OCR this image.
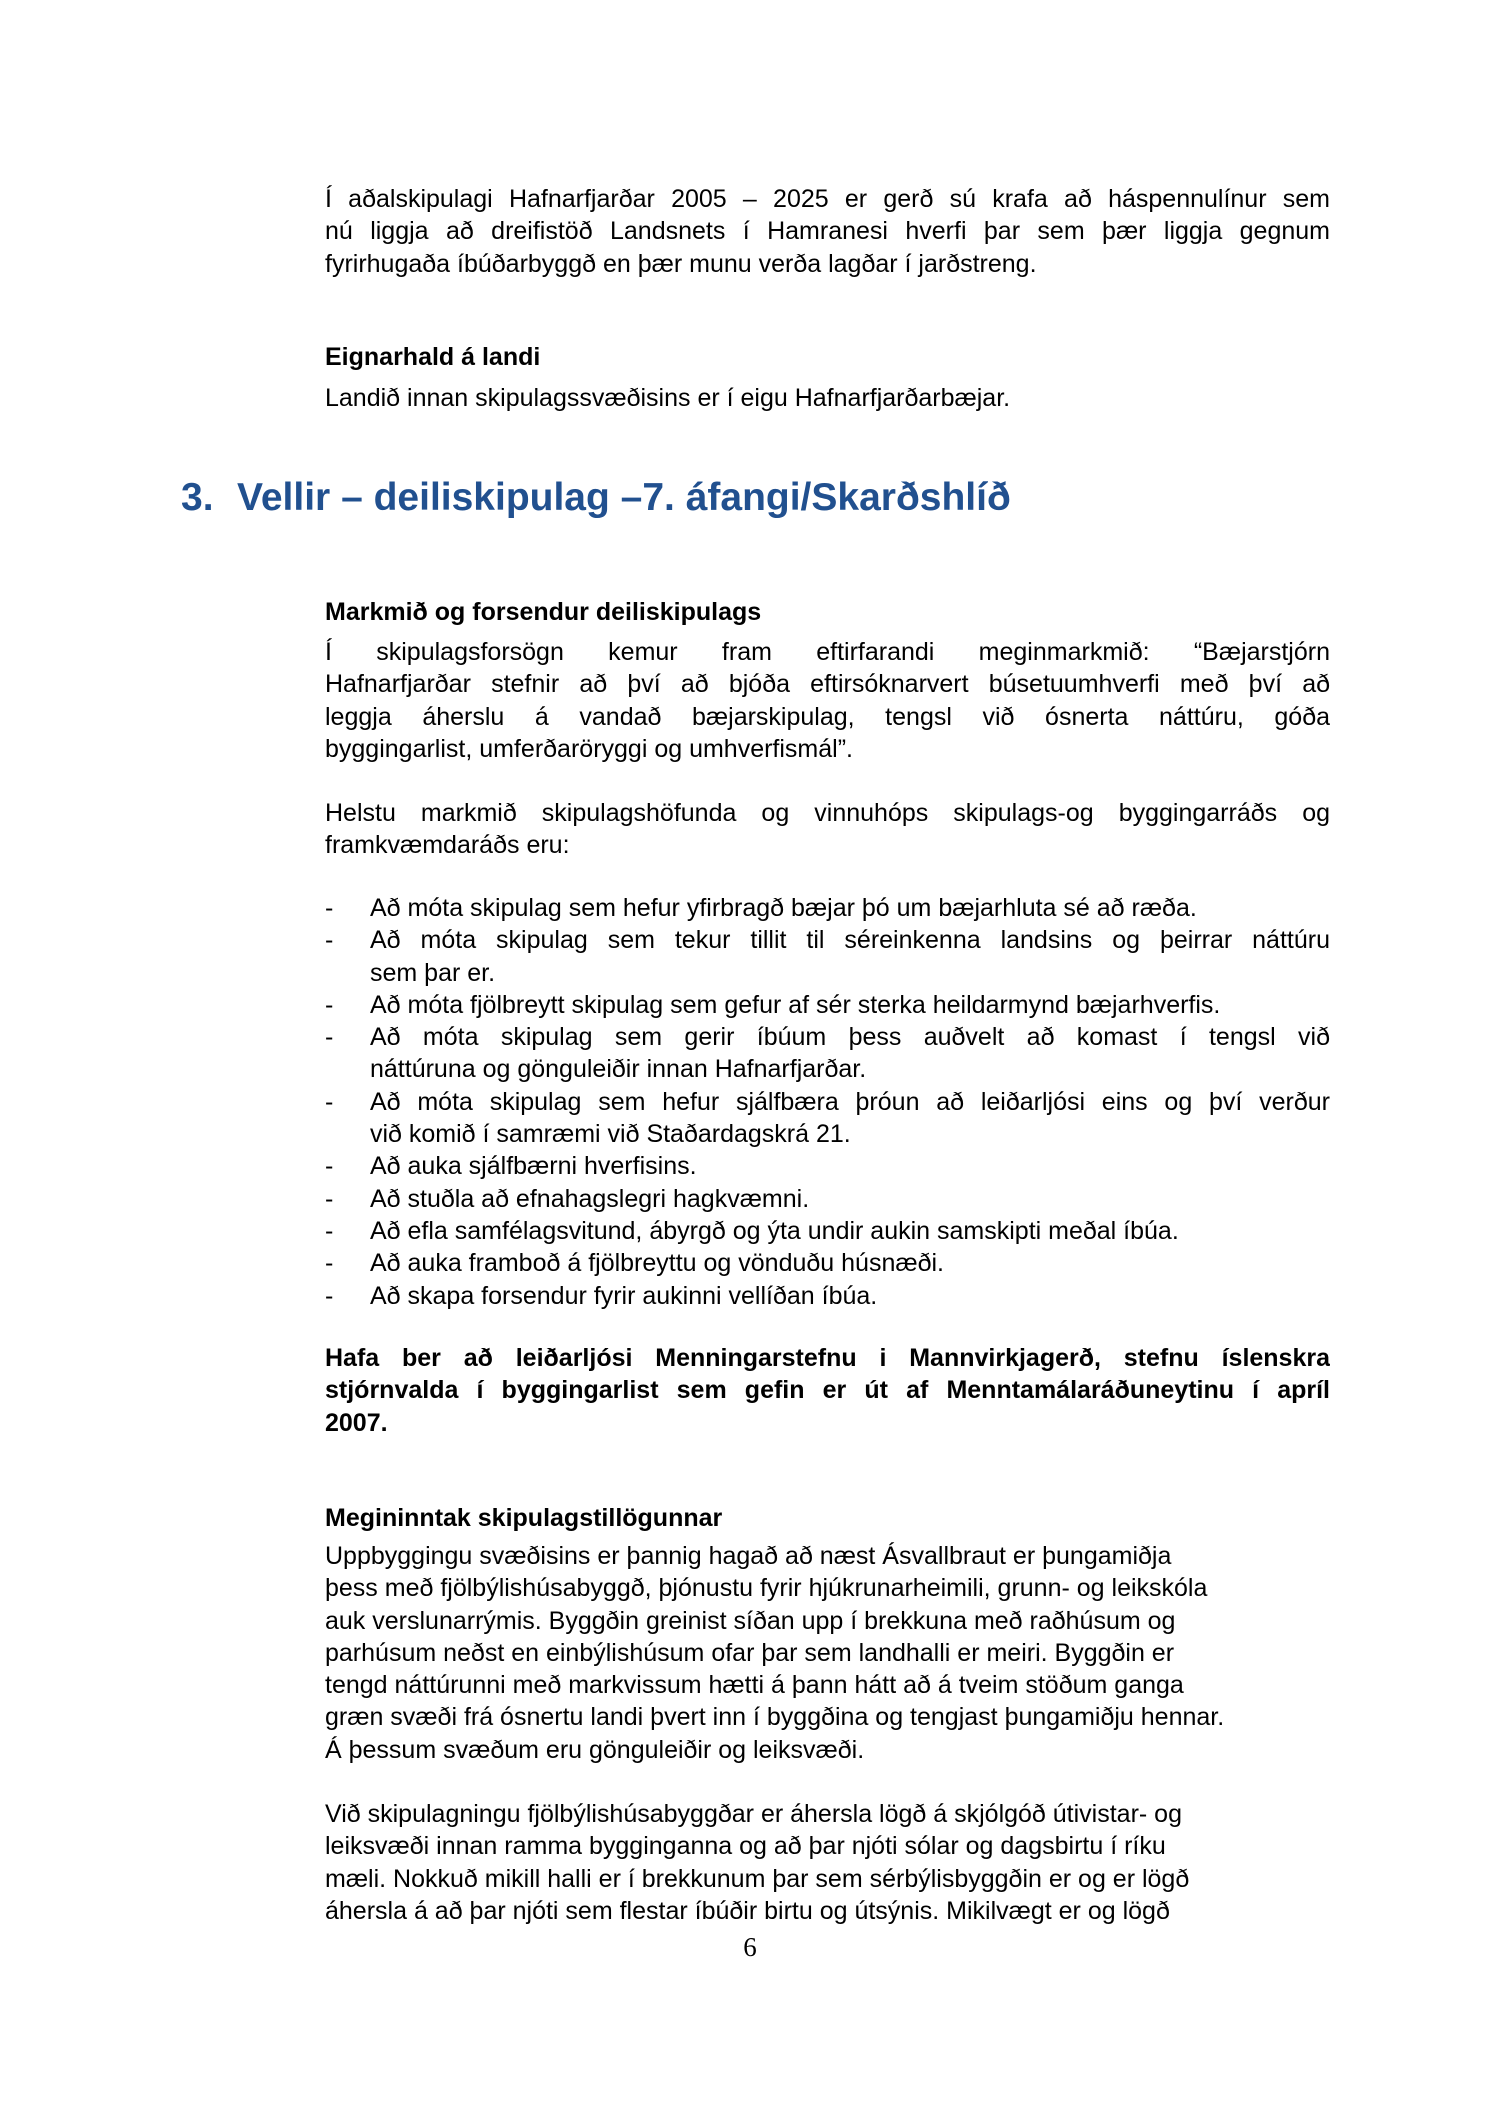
Í aðalskipulagi Hafnarfjarðar 2005 – 2025 er gerð sú krafa að háspennulínur sem
nú liggja að dreifistöð Landsnets í Hamranesi hverfi þar sem þær liggja gegnum
fyrirhugaða íbúðarbyggð en þær munu verða lagðar í jarðstreng.
Eignarhald á landi
Landið innan skipulagssvæðisins er í eigu Hafnarfjarðarbæjar.
3. Vellir – deiliskipulag –7. áfangi/Skarðshlíð
Markmið og forsendur deiliskipulags
Í skipulagsforsögn kemur fram eftirfarandi meginmarkmið: “Bæjarstjórn
Hafnarfjarðar stefnir að því að bjóða eftirsóknarvert búsetuumhverfi með því að
leggja áherslu á vandað bæjarskipulag, tengsl við ósnerta náttúru, góða
byggingarlist, umferðaröryggi og umhverfismál”.
Helstu markmið skipulagshöfunda og vinnuhóps skipulags-og byggingarráðs og
framkvæmdaráðs eru:
- Að móta skipulag sem hefur yfirbragð bæjar þó um bæjarhluta sé að ræða.
- Að móta skipulag sem tekur tillit til séreinkenna landsins og þeirrar náttúru
sem þar er.
- Að móta fjölbreytt skipulag sem gefur af sér sterka heildarmynd bæjarhverfis.
- Að móta skipulag sem gerir íbúum þess auðvelt að komast í tengsl við
náttúruna og gönguleiðir innan Hafnarfjarðar.
- Að móta skipulag sem hefur sjálfbæra þróun að leiðarljósi eins og því verður
við komið í samræmi við Staðardagskrá 21.
- Að auka sjálfbærni hverfisins.
- Að stuðla að efnahagslegri hagkvæmni.
- Að efla samfélagsvitund, ábyrgð og ýta undir aukin samskipti meðal íbúa.
- Að auka framboð á fjölbreyttu og vönduðu húsnæði.
- Að skapa forsendur fyrir aukinni vellíðan íbúa.
Hafa ber að leiðarljósi Menningarstefnu i Mannvirkjagerð, stefnu íslenskra
stjórnvalda í byggingarlist sem gefin er út af Menntamálaráðuneytinu í apríl
2007.
Megininntak skipulagstillögunnar
Uppbyggingu svæðisins er þannig hagað að næst Ásvallbraut er þungamiðja
þess með fjölbýlishúsabyggð, þjónustu fyrir hjúkrunarheimili, grunn- og leikskóla
auk verslunarrýmis. Byggðin greinist síðan upp í brekkuna með raðhúsum og
parhúsum neðst en einbýlishúsum ofar þar sem landhalli er meiri. Byggðin er
tengd náttúrunni með markvissum hætti á þann hátt að á tveim stöðum ganga
græn svæði frá ósnertu landi þvert inn í byggðina og tengjast þungamiðju hennar.
Á þessum svæðum eru gönguleiðir og leiksvæði.
Við skipulagningu fjölbýlishúsabyggðar er áhersla lögð á skjólgóð útivistar- og
leiksvæði innan ramma bygginganna og að þar njóti sólar og dagsbirtu í ríku
mæli. Nokkuð mikill halli er í brekkunum þar sem sérbýlisbyggðin er og er lögð
áhersla á að þar njóti sem flestar íbúðir birtu og útsýnis. Mikilvægt er og lögð
6
